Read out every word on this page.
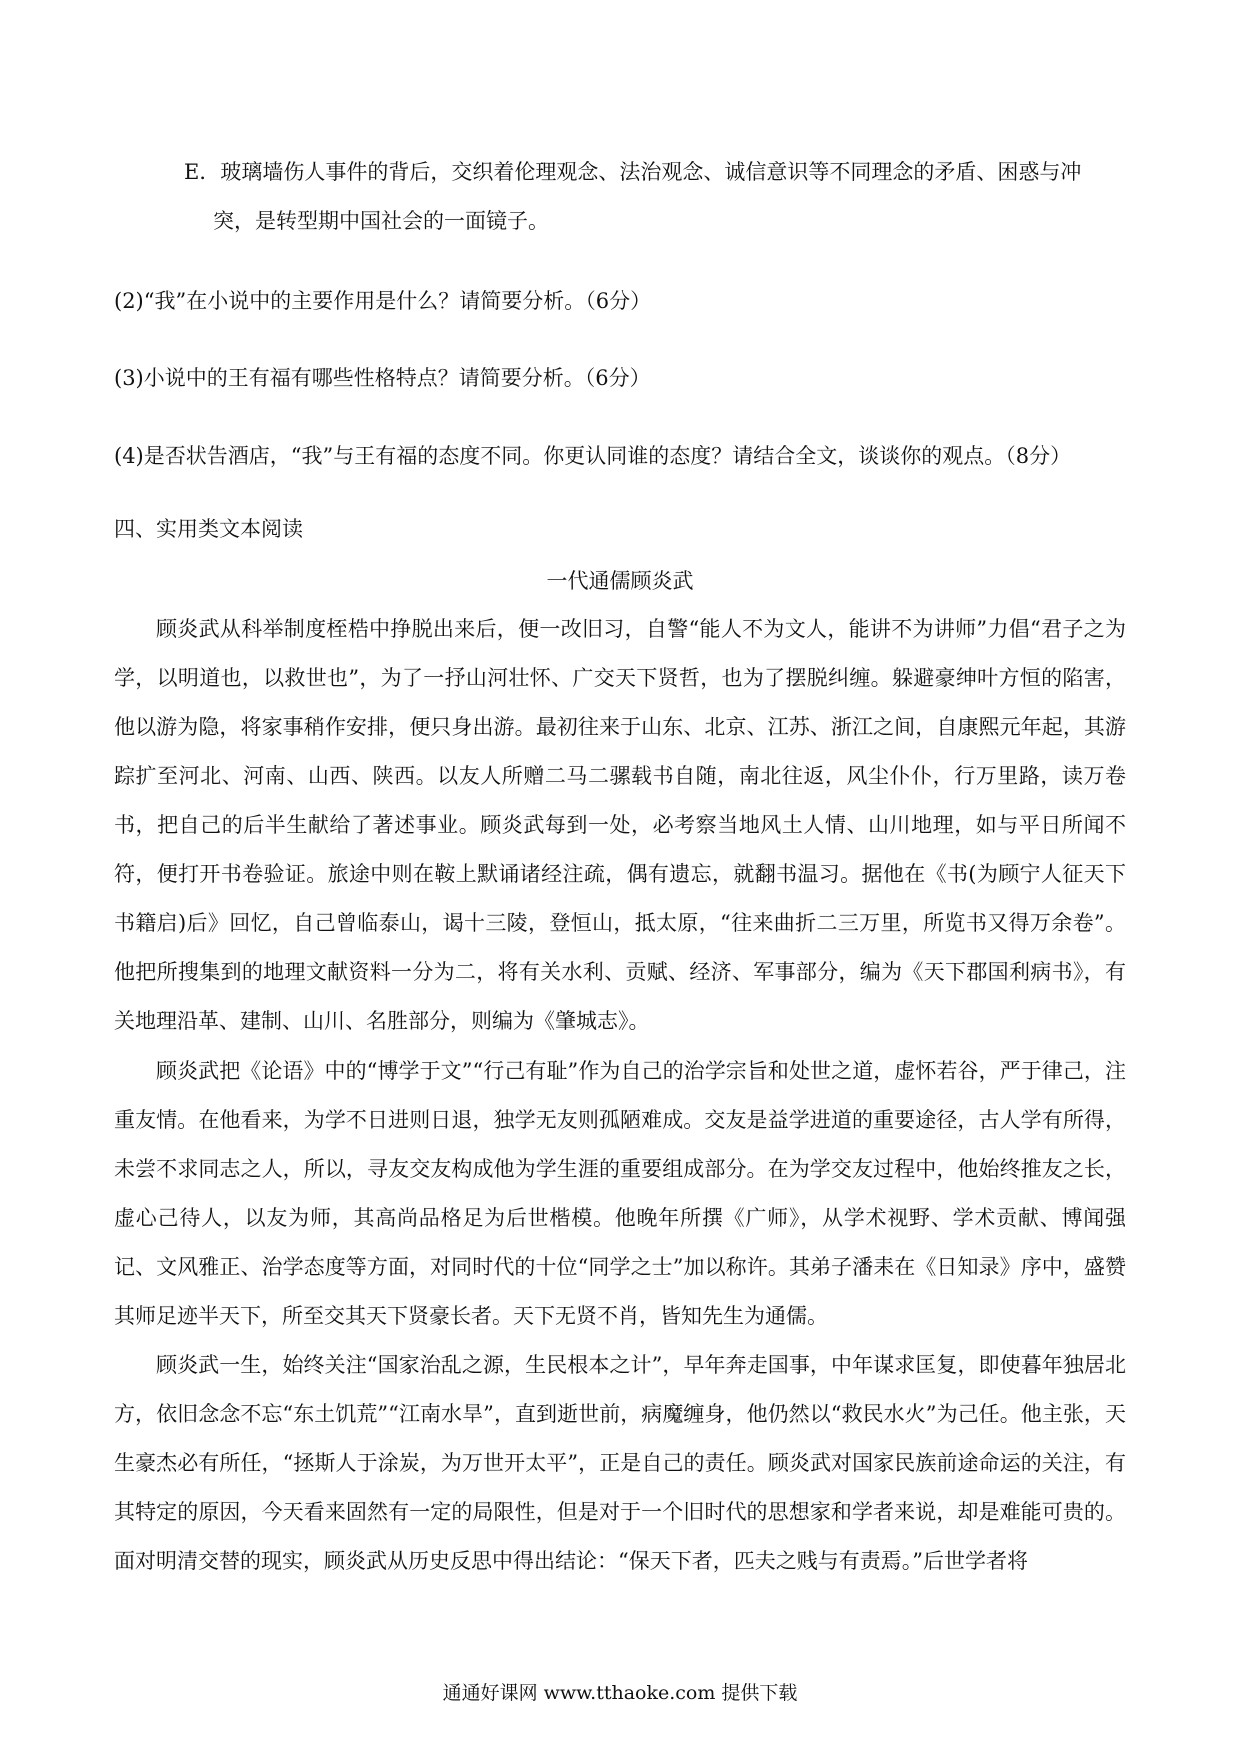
E．玻璃墙伤人事件的背后，交织着伦理观念、法治观念、诚信意识等不同理念的矛盾、困惑与冲
突，是转型期中国社会的一面镜子。
(2)“我”在小说中的主要作用是什么？请简要分析。（6分）
(3)小说中的王有福有哪些性格特点？请简要分析。（6分）
(4)是否状告酒店，“我”与王有福的态度不同。你更认同谁的态度？请结合全文，谈谈你的观点。（8分）
四、实用类文本阅读
一代通儒顾炎武
顾炎武从科举制度桎梏中挣脱出来后，便一改旧习，自警“能人不为文人，能讲不为讲师”力倡“君子之为学，以明道也，以救世也”，为了一抒山河壮怀、广交天下贤哲，也为了摆脱纠缠。躲避豪绅叶方恒的陷害，他以游为隐，将家事稍作安排，便只身出游。最初往来于山东、北京、江苏、浙江之间，自康熙元年起，其游踪扩至河北、河南、山西、陕西。以友人所赠二马二骡载书自随，南北往返，风尘仆仆，行万里路，读万卷书，把自己的后半生献给了著述事业。顾炎武每到一处，必考察当地风土人情、山川地理，如与平日所闻不符，便打开书卷验证。旅途中则在鞍上默诵诸经注疏，偶有遗忘，就翻书温习。据他在《书(为顾宁人征天下书籍启)后》回忆，自己曾临泰山，谒十三陵，登恒山，抵太原，“往来曲折二三万里，所览书又得万余卷”。他把所搜集到的地理文献资料一分为二，将有关水利、贡赋、经济、军事部分，编为《天下郡国利病书》，有关地理沿革、建制、山川、名胜部分，则编为《肇城志》。
顾炎武把《论语》中的“博学于文”“行己有耻”作为自己的治学宗旨和处世之道，虚怀若谷，严于律己，注重友情。在他看来，为学不日进则日退，独学无友则孤陋难成。交友是益学进道的重要途径，古人学有所得，未尝不求同志之人，所以，寻友交友构成他为学生涯的重要组成部分。在为学交友过程中，他始终推友之长，虚心己待人，以友为师，其高尚品格足为后世楷模。他晚年所撰《广师》，从学术视野、学术贡献、博闻强记、文风雅正、治学态度等方面，对同时代的十位“同学之士”加以称许。其弟子潘耒在《日知录》序中，盛赞其师足迹半天下，所至交其天下贤豪长者。天下无贤不肖，皆知先生为通儒。
顾炎武一生，始终关注“国家治乱之源，生民根本之计”，早年奔走国事，中年谋求匡复，即使暮年独居北方，依旧念念不忘“东土饥荒”“江南水旱”，直到逝世前，病魔缠身，他仍然以“救民水火”为己任。他主张，天生豪杰必有所任，“拯斯人于涂炭，为万世开太平”，正是自己的责任。顾炎武对国家民族前途命运的关注，有其特定的原因，今天看来固然有一定的局限性，但是对于一个旧时代的思想家和学者来说，却是难能可贵的。面对明清交替的现实，顾炎武从历史反思中得出结论：“保天下者，匹夫之贱与有责焉。”后世学者将
通通好课网 www.tthaoke.com 提供下载
